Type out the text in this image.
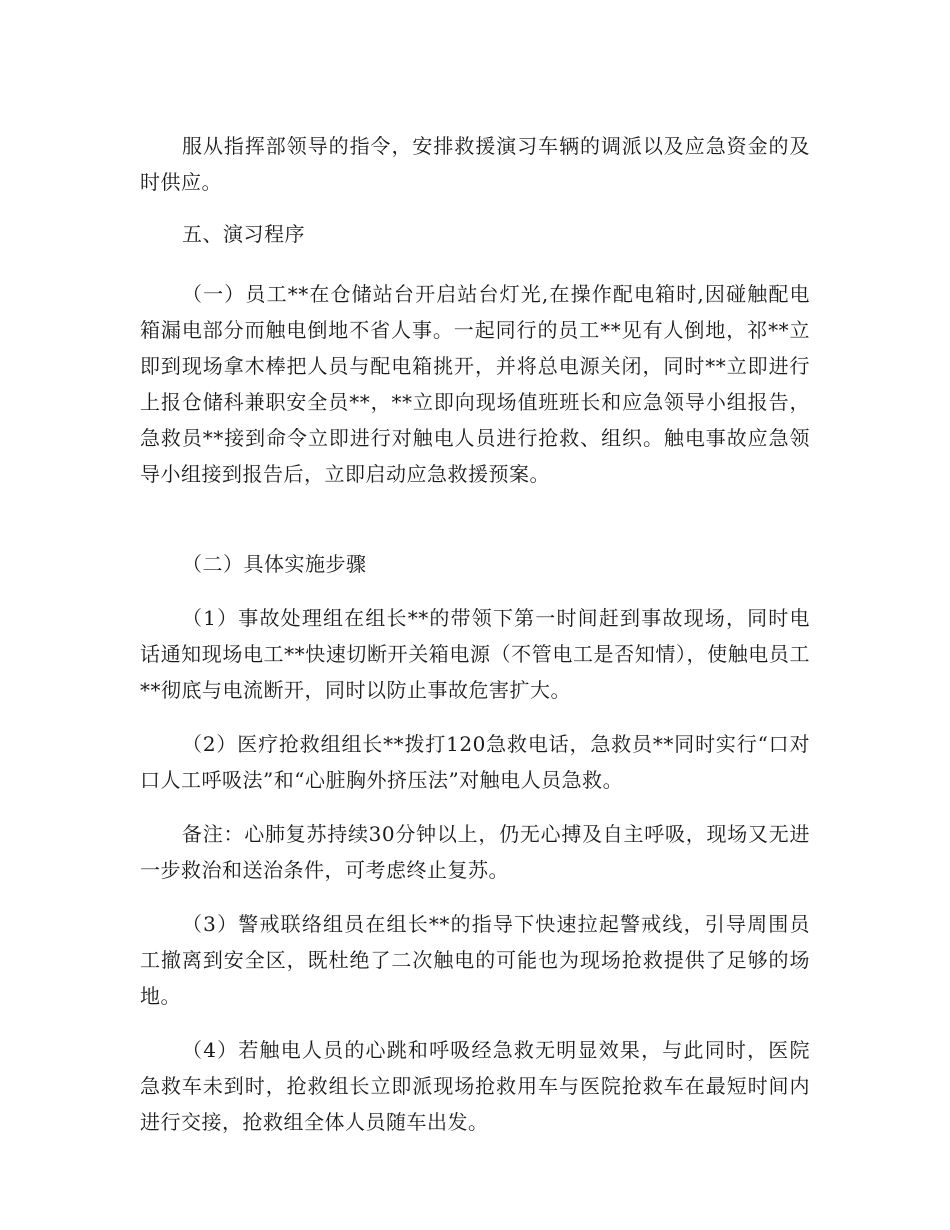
服从指挥部领导的指令，安排救援演习车辆的调派以及应急资金的及时供应。

五、演习程序

（一）员工**在仓储站台开启站台灯光,在操作配电箱时,因碰触配电箱漏电部分而触电倒地不省人事。一起同行的员工**见有人倒地，祁**立即到现场拿木棒把人员与配电箱挑开，并将总电源关闭，同时**立即进行上报仓储科兼职安全员**，**立即向现场值班班长和应急领导小组报告，急救员**接到命令立即进行对触电人员进行抢救、组织。触电事故应急领导小组接到报告后，立即启动应急救援预案。

（二）具体实施步骤

（1）事故处理组在组长**的带领下第一时间赶到事故现场，同时电话通知现场电工**快速切断开关箱电源（不管电工是否知情），使触电员工**彻底与电流断开，同时以防止事故危害扩大。

（2）医疗抢救组组长**拨打120急救电话，急救员**同时实行“口对口人工呼吸法”和“心脏胸外挤压法”对触电人员急救。

备注：心肺复苏持续30分钟以上，仍无心搏及自主呼吸，现场又无进一步救治和送治条件，可考虑终止复苏。

（3）警戒联络组员在组长**的指导下快速拉起警戒线，引导周围员工撤离到安全区，既杜绝了二次触电的可能也为现场抢救提供了足够的场地。

（4）若触电人员的心跳和呼吸经急救无明显效果，与此同时，医院急救车未到时，抢救组长立即派现场抢救用车与医院抢救车在最短时间内进行交接，抢救组全体人员随车出发。
